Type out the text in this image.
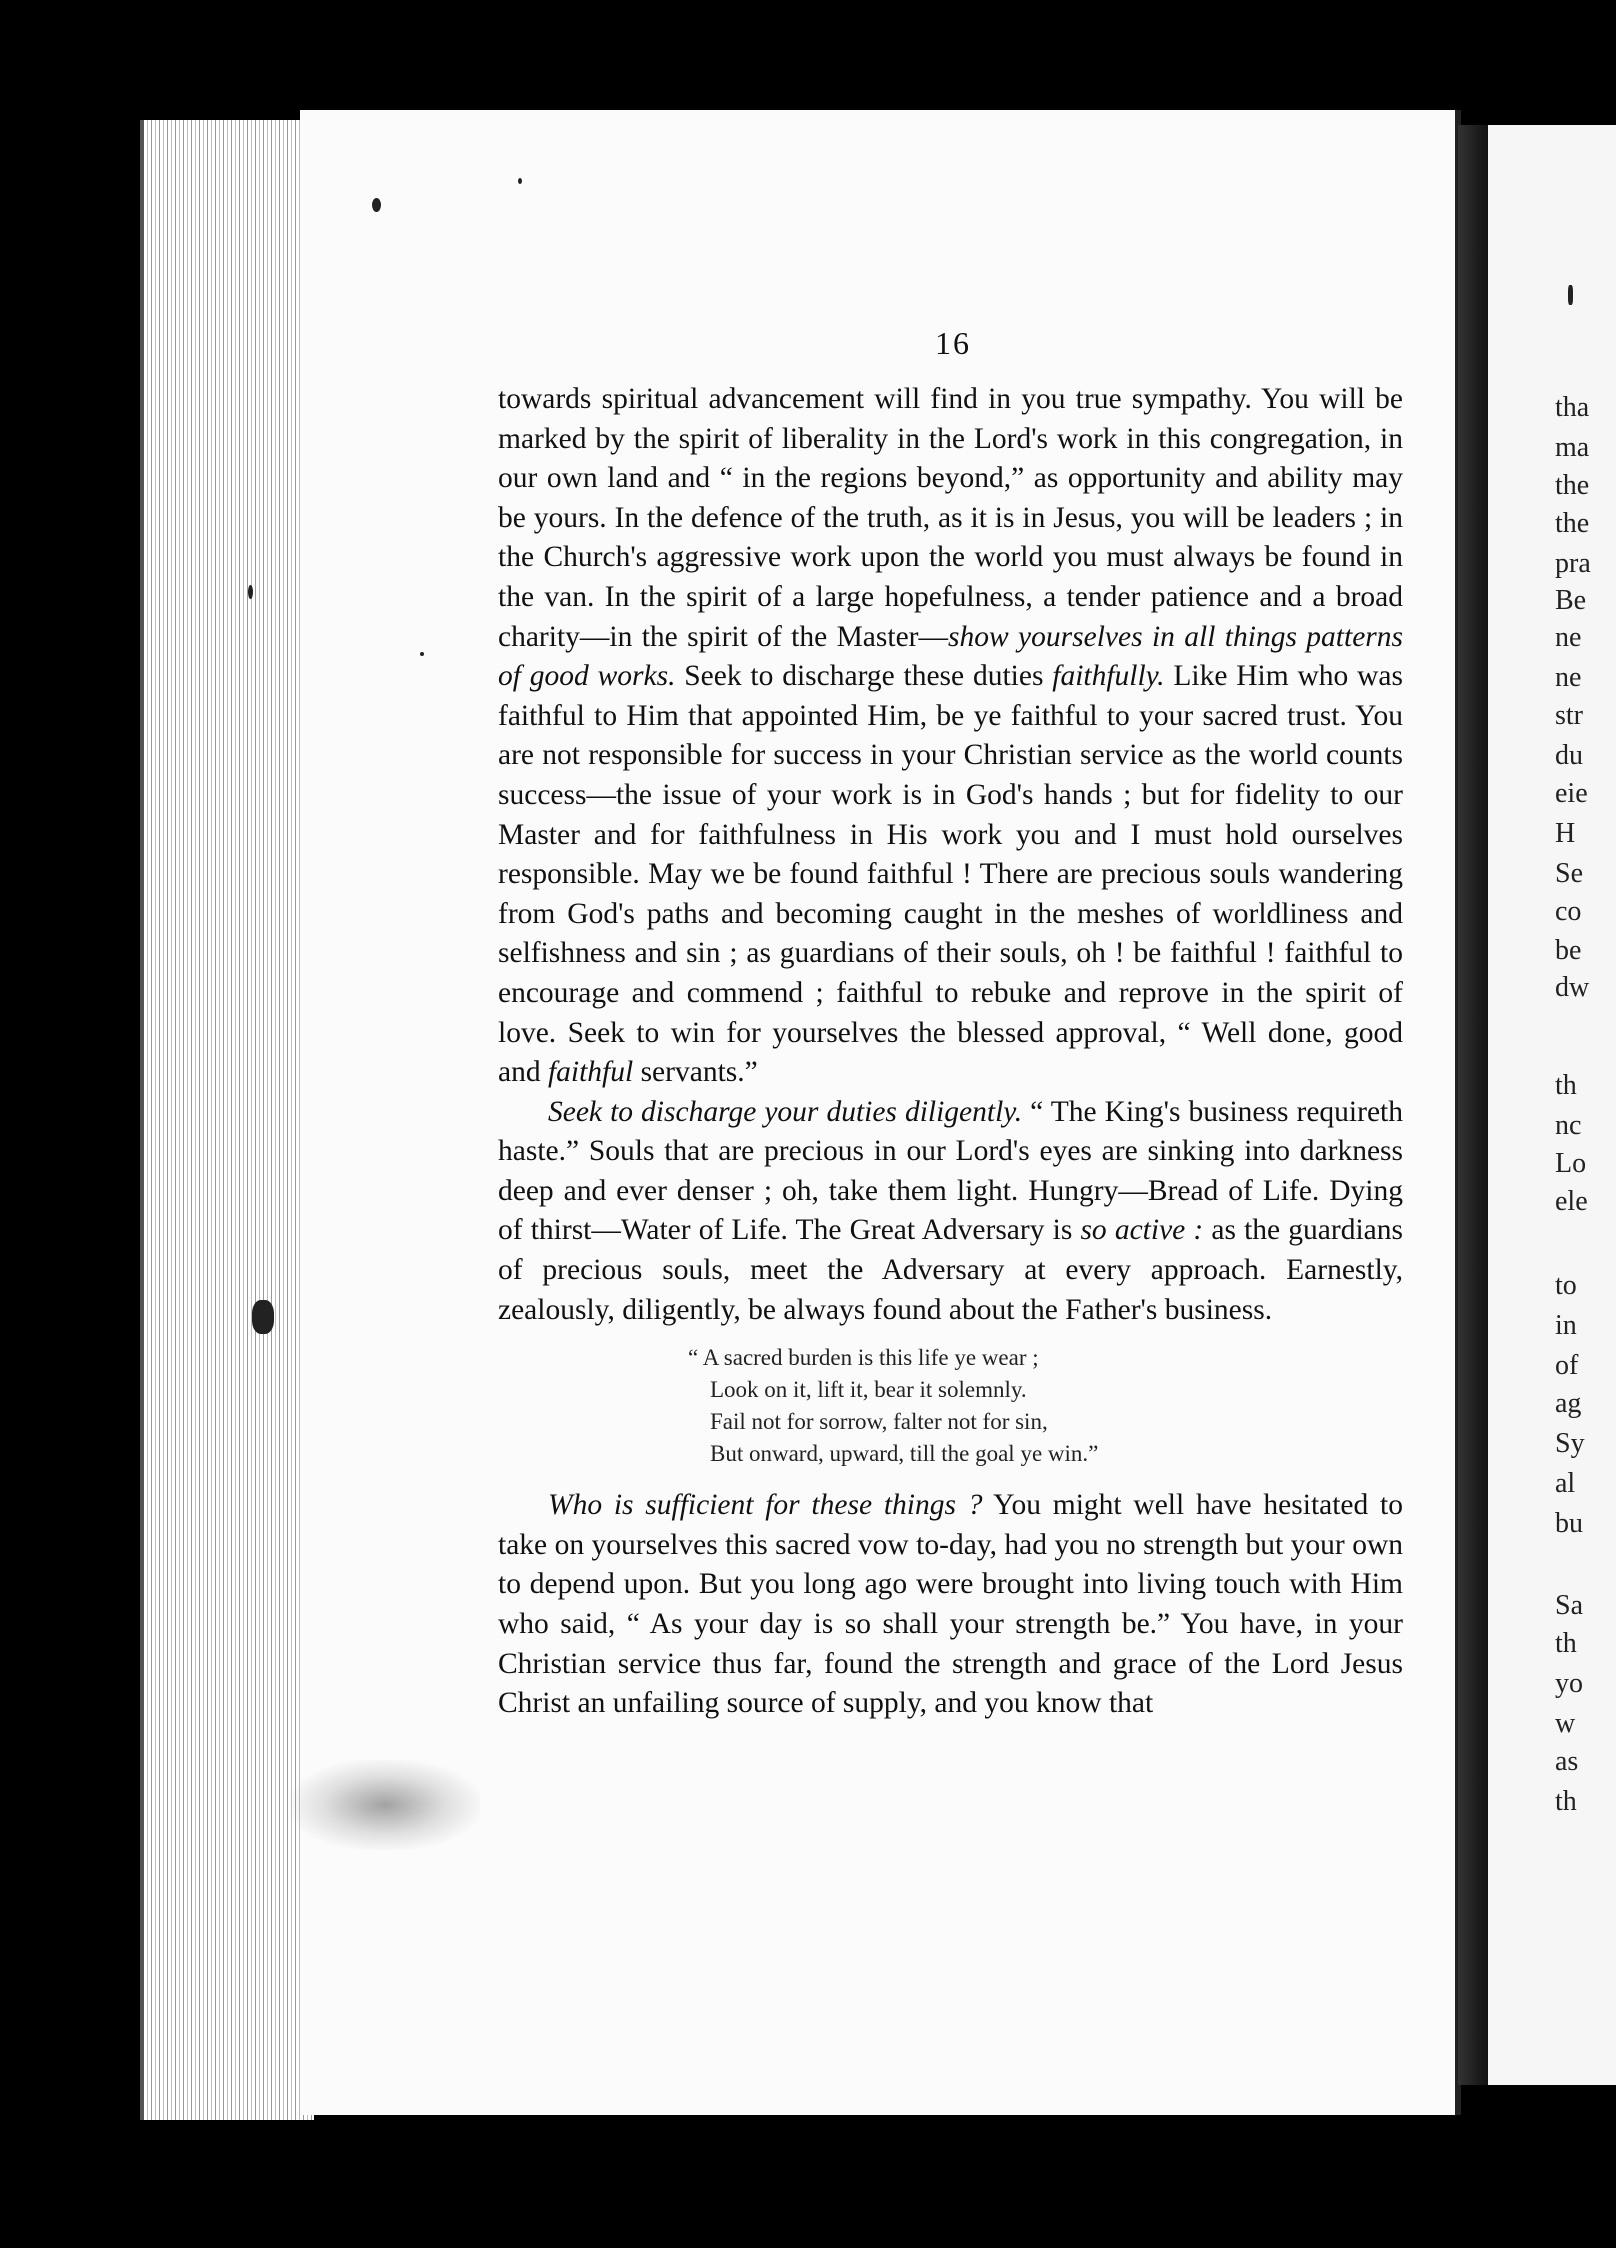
tha
ma
the
the
pra
Be
ne
ne
str
du
eie
H
Se
co
be
dw
th
nc
Lo
ele
to
in
of
ag
Sy
al
bu
Sa
th
yo
w
as
th
16

towards spiritual advancement will find in you true sympathy. You will be marked by the spirit of liberality in the Lord's work in this congregation, in our own land and “ in the regions beyond,” as opportunity and ability may be yours. In the defence of the truth, as it is in Jesus, you will be leaders ; in the Church's aggressive work upon the world you must always be found in the van. In the spirit of a large hopefulness, a tender patience and a broad charity—in the spirit of the Master—show yourselves in all things patterns of good works. Seek to discharge these duties faithfully. Like Him who was faithful to Him that appointed Him, be ye faithful to your sacred trust. You are not responsible for success in your Christian service as the world counts success—the issue of your work is in God's hands ; but for fidelity to our Master and for faithfulness in His work you and I must hold ourselves responsible. May we be found faithful ! There are precious souls wandering from God's paths and becoming caught in the meshes of worldliness and selfishness and sin ; as guardians of their souls, oh ! be faithful ! faithful to encourage and commend ; faithful to rebuke and reprove in the spirit of love. Seek to win for yourselves the blessed approval, “ Well done, good and faithful servants.”

Seek to discharge your duties diligently. “ The King's business requireth haste.” Souls that are precious in our Lord's eyes are sinking into darkness deep and ever denser ; oh, take them light. Hungry—Bread of Life. Dying of thirst—Water of Life. The Great Adversary is so active : as the guardians of precious souls, meet the Adversary at every approach. Earnestly, zealously, diligently, be always found about the Father's business.

“ A sacred burden is this life ye wear ;
Look on it, lift it, bear it solemnly.
Fail not for sorrow, falter not for sin,
But onward, upward, till the goal ye win.”

Who is sufficient for these things ? You might well have hesitated to take on yourselves this sacred vow to-day, had you no strength but your own to depend upon. But you long ago were brought into living touch with Him who said, “ As your day is so shall your strength be.” You have, in your Christian service thus far, found the strength and grace of the Lord Jesus Christ an unfailing source of supply, and you know that
